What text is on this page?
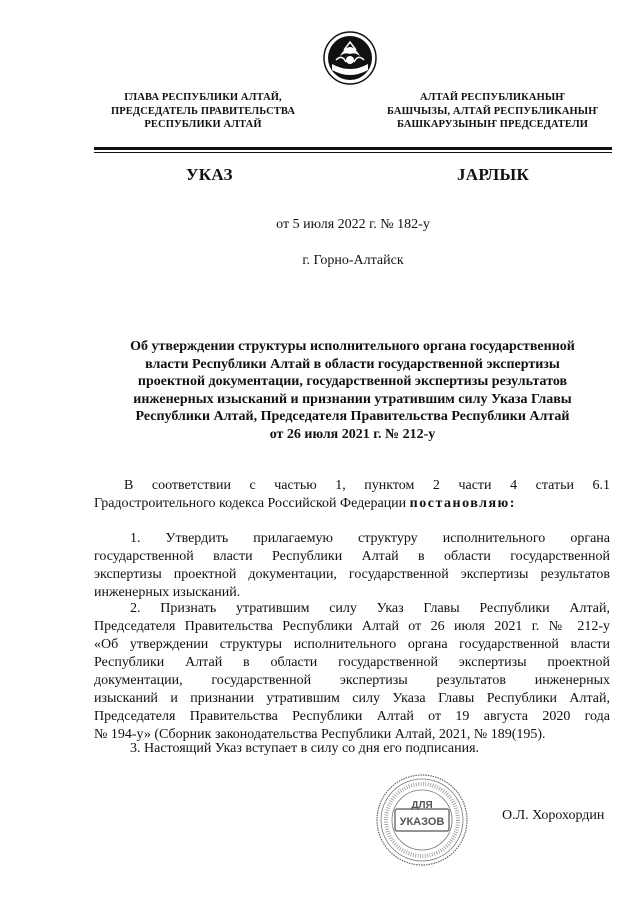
ГЛАВА РЕСПУБЛИКИ АЛТАЙ,
ПРЕДСЕДАТЕЛЬ ПРАВИТЕЛЬСТВА
РЕСПУБЛИКИ АЛТАЙ
АЛТАЙ РЕСПУБЛИКАНЫҤ
БАШЧЫЗЫ, АЛТАЙ РЕСПУБЛИКАНЫҤ
БАШКАРУЗЫНЫҤ ПРЕДСЕДАТЕЛИ
УКАЗ	JАРЛЫК
от 5 июля 2022 г. № 182-у
г. Горно-Алтайск
Об утверждении структуры исполнительного органа государственной
власти Республики Алтай в области государственной экспертизы
проектной документации, государственной экспертизы результатов
инженерных изысканий и признании утратившим силу Указа Главы
Республики Алтай, Председателя Правительства Республики Алтай
от 26 июля 2021 г. № 212-у
В соответствии с частью 1, пунктом 2 части 4 статьи 6.1
Градостроительного кодекса Российской Федерации постановляю:
1. Утвердить прилагаемую структуру исполнительного органа
государственной власти Республики Алтай в области государственной
экспертизы проектной документации, государственной экспертизы результатов
инженерных изысканий.
2. Признать утратившим силу Указ Главы Республики Алтай,
Председателя Правительства Республики Алтай от 26 июля 2021 г. № 212-у
«Об утверждении структуры исполнительного органа государственной власти
Республики Алтай в области государственной экспертизы проектной
документации, государственной экспертизы результатов инженерных
изысканий и признании утратившим силу Указа Главы Республики Алтай,
Председателя Правительства Республики Алтай от 19 августа 2020 года
№ 194-у» (Сборник законодательства Республики Алтай, 2021, № 189(195).
3. Настоящий Указ вступает в силу со дня его подписания.
ДЛЯ
УКАЗОВ	О.Л. Хорохордин
